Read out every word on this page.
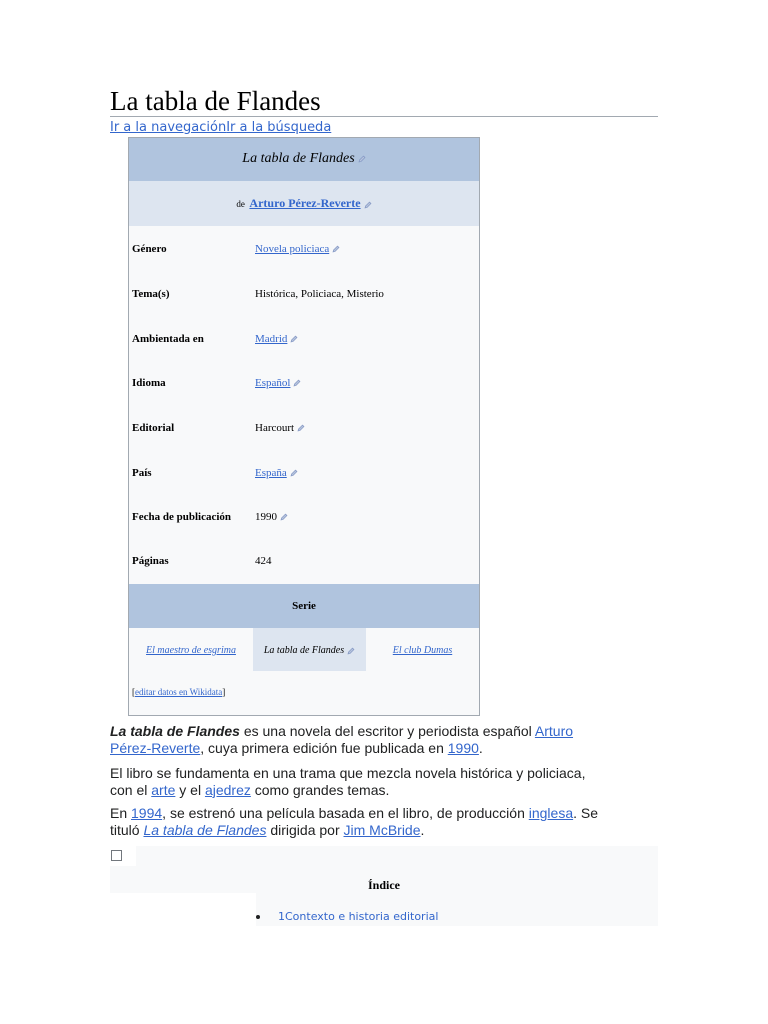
La tabla de Flandes
Ir a la navegaciónIr a la búsqueda
La tabla de Flandes
de Arturo Pérez-Reverte
Género	Novela policiaca
Tema(s)	Histórica, Policiaca, Misterio
Ambientada en	Madrid
Idioma	Español
Editorial	Harcourt
País	España
Fecha de publicación 1990
Páginas	424
Serie
El maestro de esgrima	La tabla de Flandes	El club Dumas
[editar datos en Wikidata]
La tabla de Flandes es una novela del escritor y periodista español Arturo
Pérez-Reverte, cuya primera edición fue publicada en 1990.
El libro se fundamenta en una trama que mezcla novela histórica y policiaca,
con el arte y el ajedrez como grandes temas.
En 1994, se estrenó una película basada en el libro, de producción inglesa. Se
tituló La tabla de Flandes dirigida por Jim McBride.
Índice
1Contexto e historia editorial
